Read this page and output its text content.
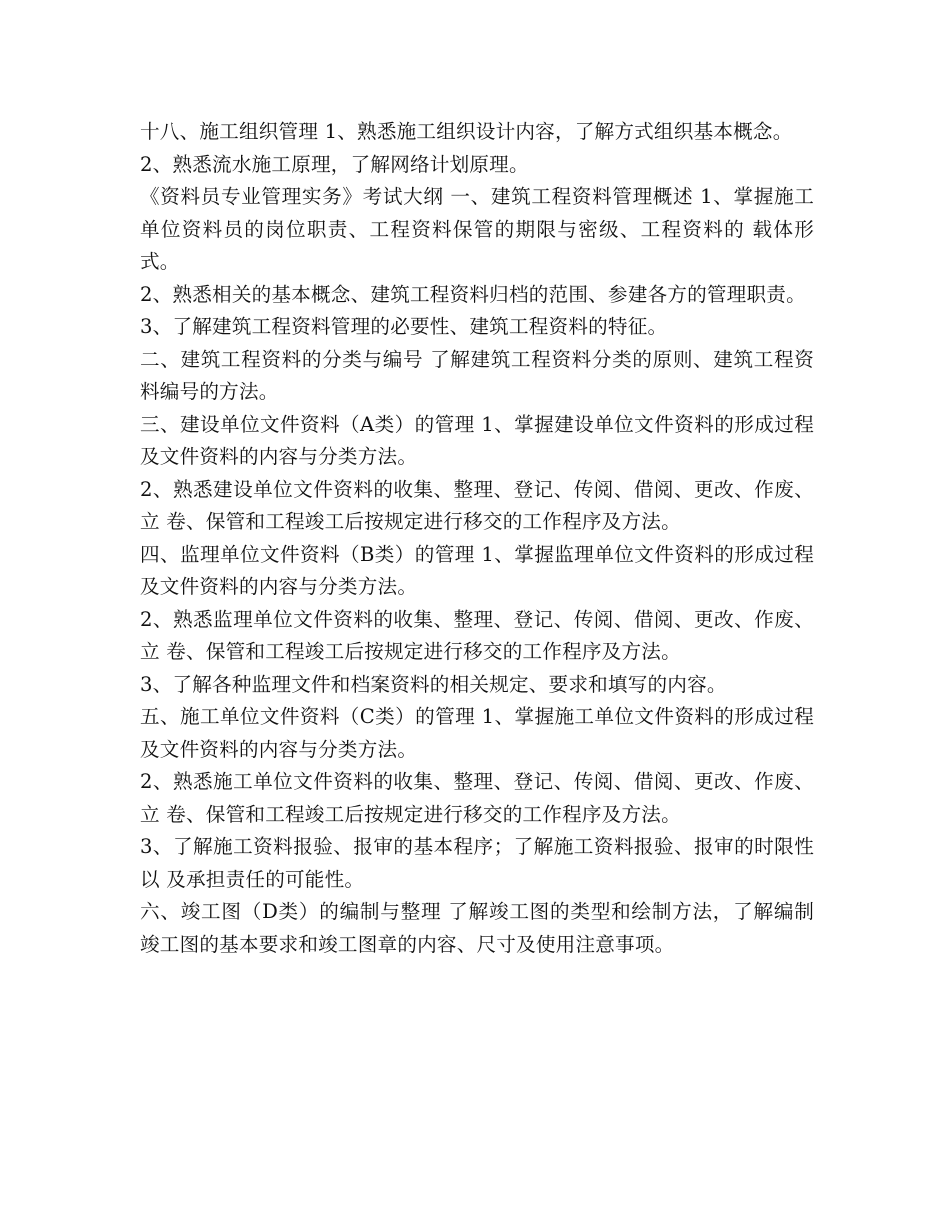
十八、施工组织管理 1、熟悉施工组织设计内容，了解方式组织基本概念。

2、熟悉流水施工原理，了解网络计划原理。

《资料员专业管理实务》考试大纲 一、建筑工程资料管理概述 1、掌握施工单位资料员的岗位职责、工程资料保管的期限与密级、工程资料的 载体形式。

2、熟悉相关的基本概念、建筑工程资料归档的范围、参建各方的管理职责。

3、了解建筑工程资料管理的必要性、建筑工程资料的特征。

二、建筑工程资料的分类与编号 了解建筑工程资料分类的原则、建筑工程资料编号的方法。

三、建设单位文件资料（A类）的管理 1、掌握建设单位文件资料的形成过程及文件资料的内容与分类方法。

2、熟悉建设单位文件资料的收集、整理、登记、传阅、借阅、更改、作废、立 卷、保管和工程竣工后按规定进行移交的工作程序及方法。

四、监理单位文件资料（B类）的管理 1、掌握监理单位文件资料的形成过程及文件资料的内容与分类方法。

2、熟悉监理单位文件资料的收集、整理、登记、传阅、借阅、更改、作废、立 卷、保管和工程竣工后按规定进行移交的工作程序及方法。

3、了解各种监理文件和档案资料的相关规定、要求和填写的内容。

五、施工单位文件资料（C类）的管理 1、掌握施工单位文件资料的形成过程及文件资料的内容与分类方法。

2、熟悉施工单位文件资料的收集、整理、登记、传阅、借阅、更改、作废、立 卷、保管和工程竣工后按规定进行移交的工作程序及方法。

3、了解施工资料报验、报审的基本程序；了解施工资料报验、报审的时限性以 及承担责任的可能性。

六、竣工图（D类）的编制与整理 了解竣工图的类型和绘制方法，了解编制竣工图的基本要求和竣工图章的内容、尺寸及使用注意事项。
